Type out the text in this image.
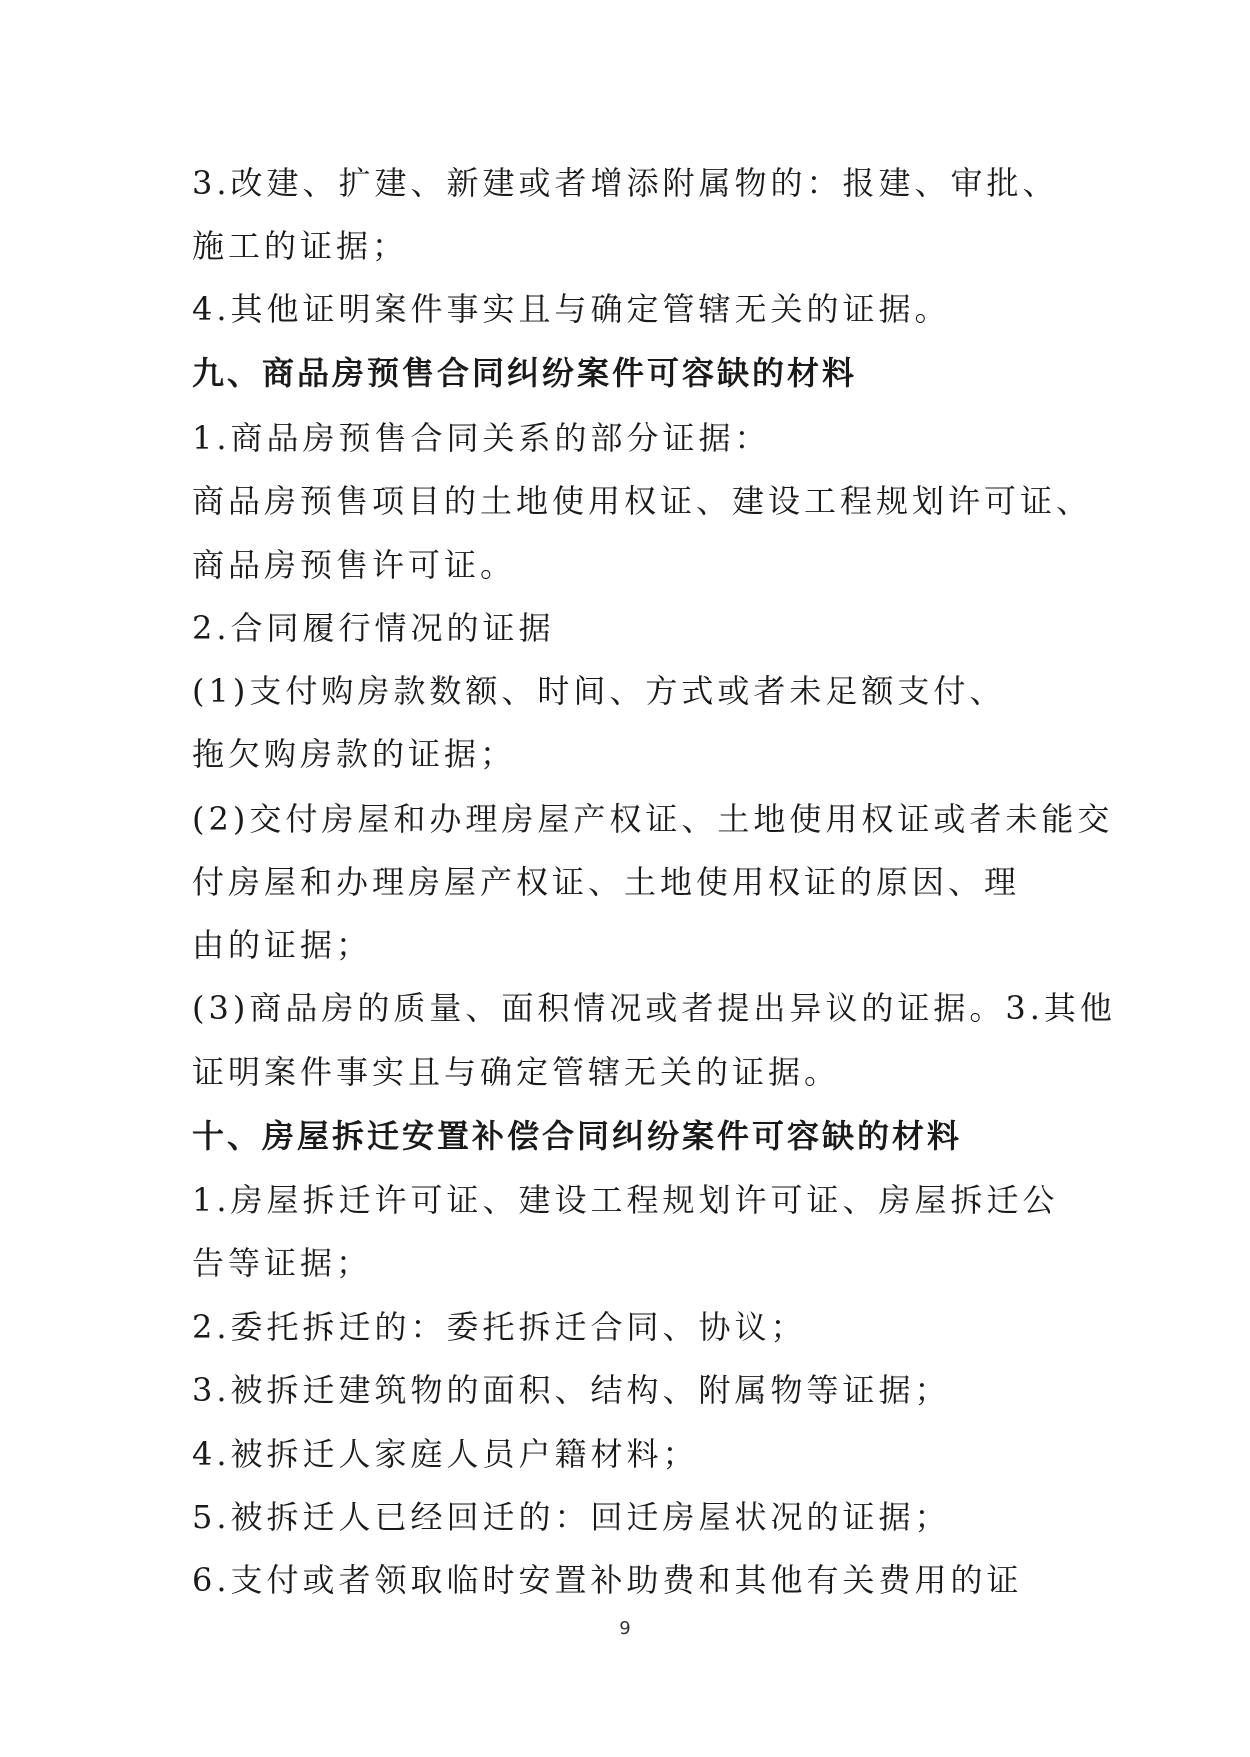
3.改建、扩建、新建或者增添附属物的：报建、审批、
施工的证据；
4.其他证明案件事实且与确定管辖无关的证据。
九、商品房预售合同纠纷案件可容缺的材料
1.商品房预售合同关系的部分证据：
商品房预售项目的土地使用权证、建设工程规划许可证、
商品房预售许可证。
2.合同履行情况的证据
(1)支付购房款数额、时间、方式或者未足额支付、
拖欠购房款的证据；
(2)交付房屋和办理房屋产权证、土地使用权证或者未能交
付房屋和办理房屋产权证、土地使用权证的原因、理
由的证据；
(3)商品房的质量、面积情况或者提出异议的证据。3.其他
证明案件事实且与确定管辖无关的证据。
十、房屋拆迁安置补偿合同纠纷案件可容缺的材料
1.房屋拆迁许可证、建设工程规划许可证、房屋拆迁公
告等证据；
2.委托拆迁的：委托拆迁合同、协议；
3.被拆迁建筑物的面积、结构、附属物等证据；
4.被拆迁人家庭人员户籍材料；
5.被拆迁人已经回迁的：回迁房屋状况的证据；
6.支付或者领取临时安置补助费和其他有关费用的证
9
